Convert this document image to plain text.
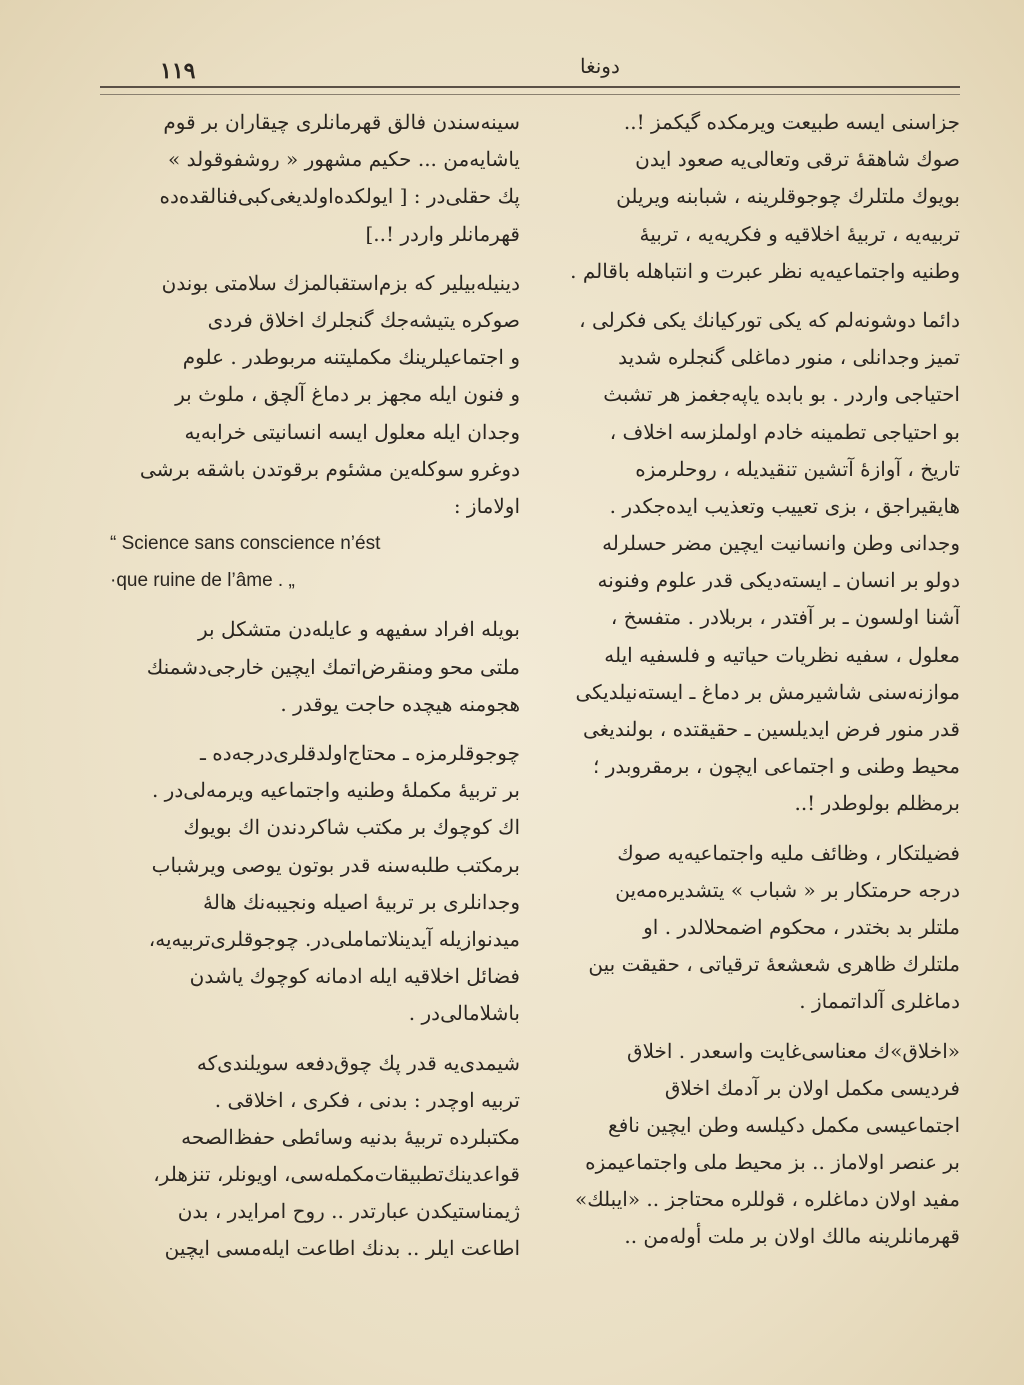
١١٩	دونغا
جزاسنی ایسه طبیعت ویرمکده گیکمز !..
صوك شاهقهٔ ترقی وتعالی‌یه صعود ایدن
بویوك ملتلرك چوجوقلرینه ، شبابنه ویریلن
تربیه‌یه ، تربیهٔ اخلاقیه و فکریه‌یه ، تربیهٔ
وطنیه واجتماعیه‌یه نظر عبرت و انتباهله باقالم .
دائما دوشونه‌لم که یکی تورکیانك یکی فکرلی ،
تمیز وجدانلی ، منور دماغلی گنجلره شدید
احتیاجی واردر . بو بابده یاپه‌جغمز هر تشبث
بو احتیاجی تطمینه خادم اولملزسه اخلاف ،
تاریخ ، آوازهٔ آتشین تنقیدیله ، روحلرمزه
هایقیراجق ، بزی تعییب وتعذیب ایده‌جکدر .
وجدانی وطن وانسانیت ایچین مضر حسلرله
دولو بر انسان ـ ایسته‌دیکی قدر علوم وفنونه
آشنا اولسون ـ بر آفتدر ، بربلادر . متفسخ ،
معلول ، سفیه نظریات حیاتیه و فلسفیه ایله
موازنه‌سنی شاشیرمش بر دماغ ـ ایسته‌نیلدیکی
قدر منور فرض ایدیلسین ـ حقیقتده ، بولندیغی
محیط وطنی و اجتماعی ایچون ، برمقروبدر ؛
برمظلم بولوطدر !..
فضیلتکار ، وظائف ملیه واجتماعیه‌یه صوك
درجه حرمتکار بر « شباب » یتشدیره‌مه‌ین
ملتلر بد بختدر ، محکوم اضمحلالدر . او
ملتلرك ظاهری شعشعهٔ ترقیاتی ، حقیقت بین
دماغلری آلداتمماز .
«اخلاق»ك معناسی‌غایت واسعدر . اخلاق
فردیسی مکمل اولان بر آدمك اخلاق
اجتماعیسی مکمل دکیلسه وطن ایچین نافع
بر عنصر اولاماز .. بز محیط ملی واجتماعیمزه
مفید اولان دماغلره ، قوللره محتاجز .. «ایبلك»
قهرمانلرینه مالك اولان بر ملت أوله‌من ..
سینه‌سندن فالق قهرمانلری چیقاران بر قوم
یاشایه‌من ... حکیم مشهور « روشفوقولد »
پك حقلی‌در : [ ایولکده‌اولدیغی‌کبی‌فنالقده‌ده
قهرمانلر واردر !..]
دینیله‌بیلیر که بزم‌استقبالمزك سلامتی بوندن
صوکره یتیشه‌جك گنجلرك اخلاق فردی
و اجتماعیلرینك مکملیتنه مربوطدر . علوم
و فنون ایله مجهز بر دماغ آلچق ، ملوث بر
وجدان ایله معلول ایسه انسانیتی خرابه‌یه
دوغرو سوکله‌ین مشئوم برقوتدن باشقه برشی
اولاماز :
“ Science sans conscience n’ést
·que ruine de l’âme . „
بویله افراد سفیهه و عایله‌دن متشکل بر
ملتی محو ومنقرض‌اتمك ایچین خارجی‌دشمنك
هجومنه هیچده حاجت یوقدر .
چوجوقلرمزه ـ محتاج‌اولدقلری‌درجه‌ده ـ
بر تربیهٔ مکملهٔ وطنیه واجتماعیه ویرمه‌لی‌در .
اك کوچوك بر مکتب شاکردندن اك بویوك
برمکتب طلبه‌سنه قدر بوتون یوصی ویرشباب
وجدانلری بر تربیهٔ اصیله ونجیبه‌نك هاله‌ٔ
میدنوازیله آیدینلاتماملی‌در. چوجوقلری‌تربیه‌یه،
فضائل اخلاقیه ایله ادمانه کوچوك یاشدن
باشلامالی‌در .
شیمدی‌یه قدر پك چوق‌دفعه سویلندی‌که
تربیه اوچدر : بدنی ، فکری ، اخلاقی .
مکتبلرده تربیهٔ بدنیه وسائطی حفظ‌الصحه
قواعدینك‌تطبیقات‌مکمله‌سی، اویونلر، تنزهلر،
ژیمناستیكدن عبارتدر .. روح امرایدر ، بدن
اطاعت ایلر .. بدنك اطاعت ایله‌مسی ایچین
